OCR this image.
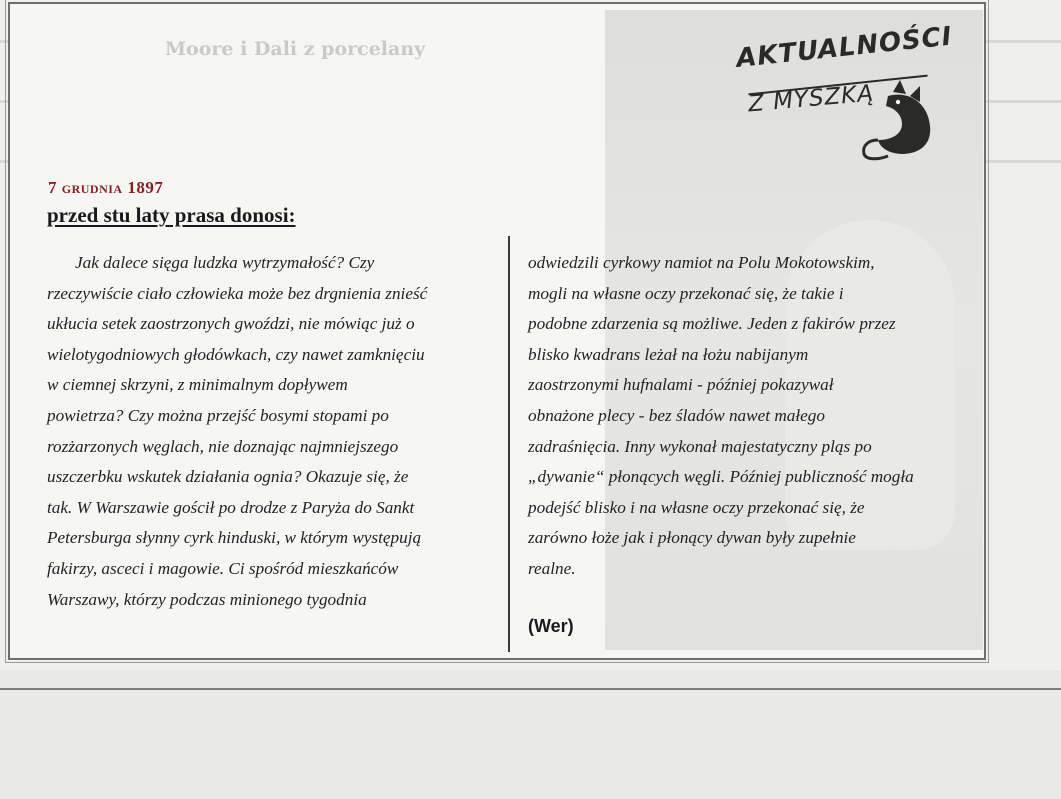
Moore i Dali z porcelany	AKTUALNOŚCI
Z MYSZKĄ
7 grudnia 1897
przed stu laty prasa donosi:
Jak dalece sięga ludzka wytrzymałość? Czy
rzeczywiście ciało człowieka może bez drgnienia znieść
ukłucia setek zaostrzonych gwoździ, nie mówiąc już o
wielotygodniowych głodówkach, czy nawet zamknięciu
w ciemnej skrzyni, z minimalnym dopływem
powietrza? Czy można przejść bosymi stopami po
rozżarzonych węglach, nie doznając najmniejszego
uszczerbku wskutek działania ognia? Okazuje się, że
tak. W Warszawie gościł po drodze z Paryża do Sankt
Petersburga słynny cyrk hinduski, w którym występują
fakirzy, asceci i magowie. Ci spośród mieszkańców
Warszawy, którzy podczas minionego tygodnia
odwiedzili cyrkowy namiot na Polu Mokotowskim,
mogli na własne oczy przekonać się, że takie i
podobne zdarzenia są możliwe. Jeden z fakirów przez
blisko kwadrans leżał na łożu nabijanym
zaostrzonymi hufnalami - później pokazywał
obnażone plecy - bez śladów nawet małego
zadraśnięcia. Inny wykonał majestatyczny pląs po
„dywanie“ płonących węgli. Później publiczność mogła
podejść blisko i na własne oczy przekonać się, że
zarówno łoże jak i płonący dywan były zupełnie
realne.
(Wer)
